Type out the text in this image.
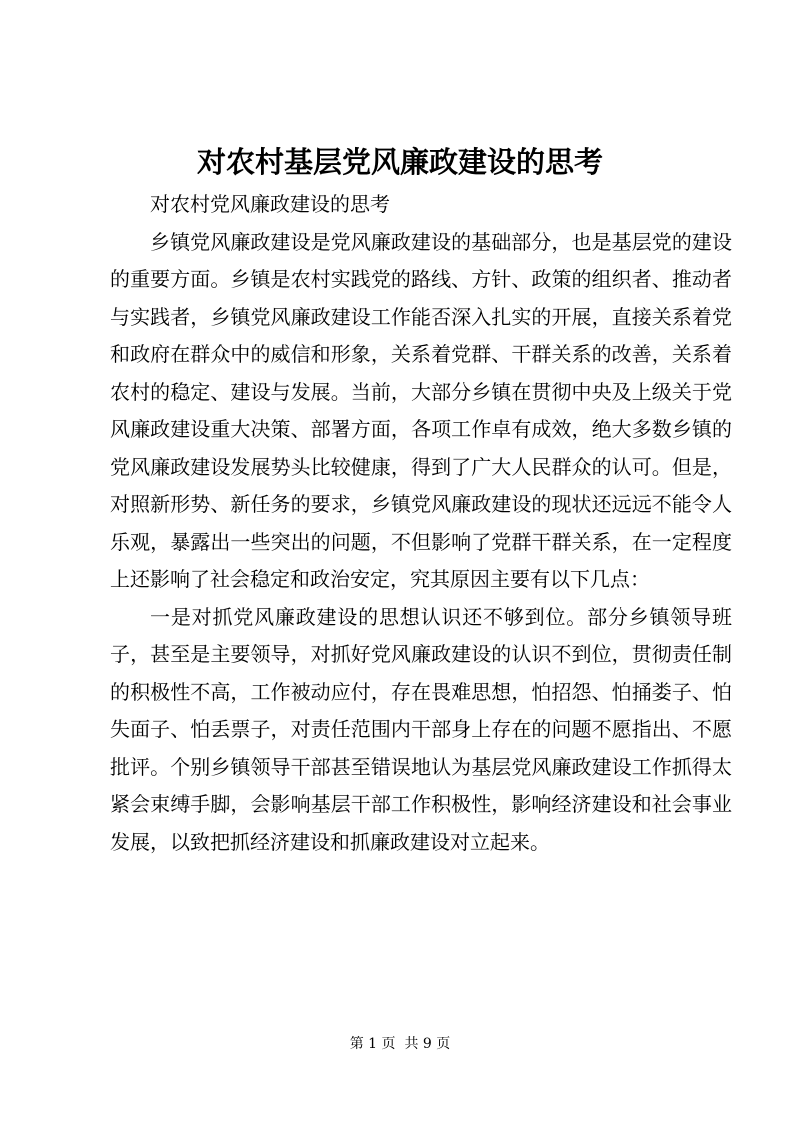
对农村基层党风廉政建设的思考

对农村党风廉政建设的思考

乡镇党风廉政建设是党风廉政建设的基础部分，也是基层党的建设的重要方面。乡镇是农村实践党的路线、方针、政策的组织者、推动者与实践者，乡镇党风廉政建设工作能否深入扎实的开展，直接关系着党和政府在群众中的威信和形象，关系着党群、干群关系的改善，关系着农村的稳定、建设与发展。当前，大部分乡镇在贯彻中央及上级关于党风廉政建设重大决策、部署方面，各项工作卓有成效，绝大多数乡镇的党风廉政建设发展势头比较健康，得到了广大人民群众的认可。但是，对照新形势、新任务的要求，乡镇党风廉政建设的现状还远远不能令人乐观，暴露出一些突出的问题，不但影响了党群干群关系，在一定程度上还影响了社会稳定和政治安定，究其原因主要有以下几点：

一是对抓党风廉政建设的思想认识还不够到位。部分乡镇领导班子，甚至是主要领导，对抓好党风廉政建设的认识不到位，贯彻责任制的积极性不高，工作被动应付，存在畏难思想，怕招怨、怕捅娄子、怕失面子、怕丢票子，对责任范围内干部身上存在的问题不愿指出、不愿批评。个别乡镇领导干部甚至错误地认为基层党风廉政建设工作抓得太紧会束缚手脚，会影响基层干部工作积极性，影响经济建设和社会事业发展，以致把抓经济建设和抓廉政建设对立起来。

第 1 页  共 9 页
